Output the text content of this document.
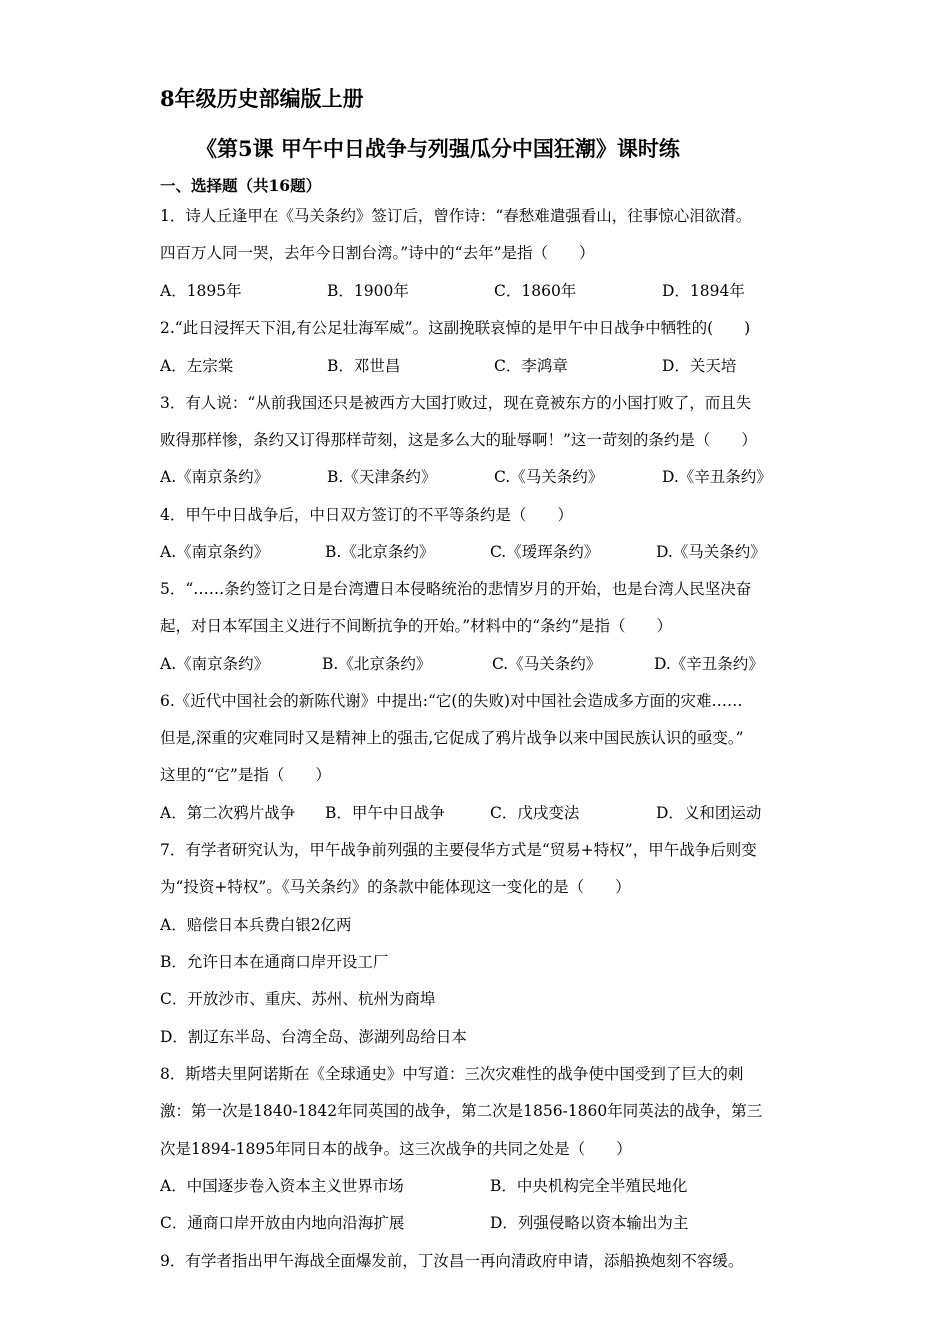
8年级历史部编版上册
《第5课 甲午中日战争与列强瓜分中国狂潮》课时练
一、选择题（共16题）
1．诗人丘逢甲在《马关条约》签订后，曾作诗：“春愁难遣强看山，往事惊心泪欲潸。
四百万人同一哭，去年今日割台湾。”诗中的“去年”是指（　　）
A．1895年	B．1900年	C．1860年	D．1894年
2.“此日浸挥天下泪,有公足壮海军威”。这副挽联哀悼的是甲午中日战争中牺牲的(　　)
A．左宗棠	B．邓世昌	C．李鸿章	D．关天培
3．有人说：“从前我国还只是被西方大国打败过，现在竟被东方的小国打败了，而且失
败得那样惨，条约又订得那样苛刻，这是多么大的耻辱啊！”这一苛刻的条约是（　　）
A.《南京条约》	B.《天津条约》	C.《马关条约》	D.《辛丑条约》
4．甲午中日战争后，中日双方签订的不平等条约是（　　）
A.《南京条约》	B.《北京条约》	C.《瑷珲条约》	D.《马关条约》
5．“……条约签订之日是台湾遭日本侵略统治的悲情岁月的开始，也是台湾人民坚决奋
起，对日本军国主义进行不间断抗争的开始。”材料中的“条约”是指（　　）
A.《南京条约》	B.《北京条约》	C.《马关条约》	D.《辛丑条约》
6.《近代中国社会的新陈代谢》中提出:“它(的失败)对中国社会造成多方面的灾难……
但是,深重的灾难同时又是精神上的强击,它促成了鸦片战争以来中国民族认识的亟变。”
这里的“它”是指（　　）
A．第二次鸦片战争 B．甲午中日战争	C．戊戌变法	D．义和团运动
7．有学者研究认为，甲午战争前列强的主要侵华方式是“贸易+特权”，甲午战争后则变
为“投资+特权”。《马关条约》的条款中能体现这一变化的是（　　）
A．赔偿日本兵费白银2亿两
B．允许日本在通商口岸开设工厂
C．开放沙市、重庆、苏州、杭州为商埠
D．割辽东半岛、台湾全岛、澎湖列岛给日本
8．斯塔夫里阿诺斯在《全球通史》中写道：三次灾难性的战争使中国受到了巨大的刺
激：第一次是1840-1842年同英国的战争，第二次是1856-1860年同英法的战争，第三
次是1894-1895年同日本的战争。这三次战争的共同之处是（　　）
A．中国逐步卷入资本主义世界市场	B．中央机构完全半殖民地化
C．通商口岸开放由内地向沿海扩展	D．列强侵略以资本输出为主
9．有学者指出甲午海战全面爆发前，丁汝昌一再向清政府申请，添船换炮刻不容缓。
